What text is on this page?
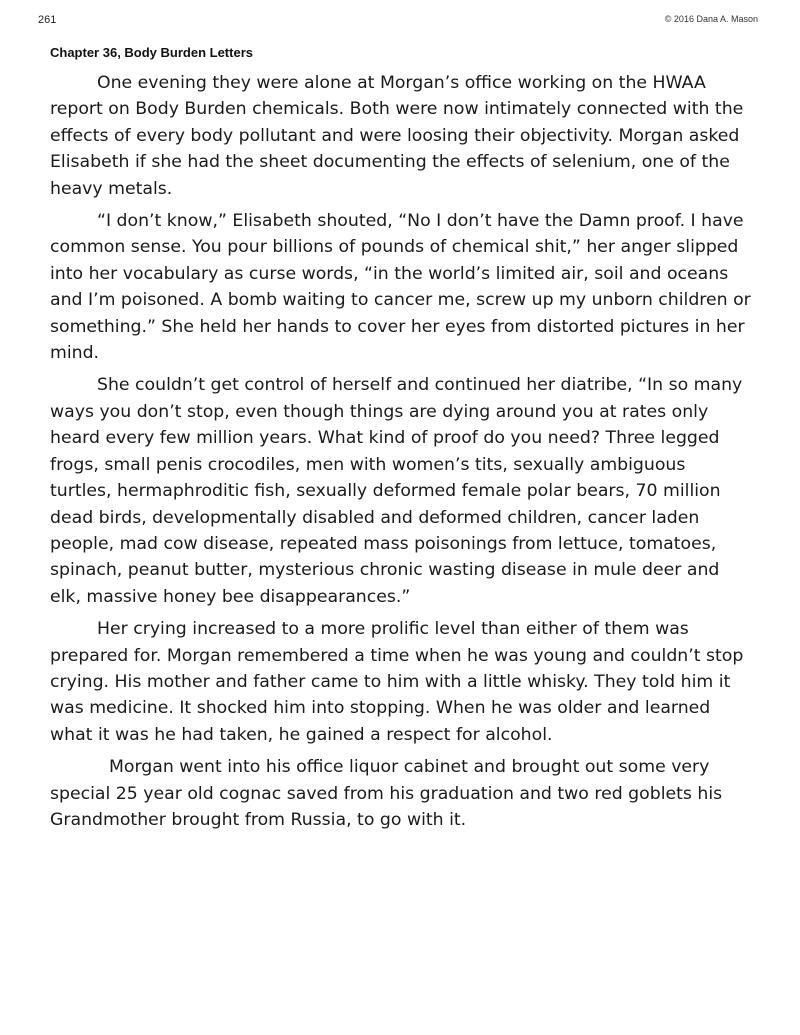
261	© 2016 Dana A. Mason
Chapter 36, Body Burden Letters

One evening they were alone at Morgan’s office working on the HWAA report on Body Burden chemicals. Both were now intimately connected with the effects of every body pollutant and were loosing their objectivity. Morgan asked Elisabeth if she had the sheet documenting the effects of selenium, one of the heavy metals.

“I don’t know,” Elisabeth shouted, “No I don’t have the Damn proof. I have common sense. You pour billions of pounds of chemical shit,” her anger slipped into her vocabulary as curse words, “in the world’s limited air, soil and oceans and I’m poisoned. A bomb waiting to cancer me, screw up my unborn children or something.” She held her hands to cover her eyes from distorted pictures in her mind.

She couldn’t get control of herself and continued her diatribe, “In so many ways you don’t stop, even though things are dying around you at rates only heard every few million years. What kind of proof do you need? Three legged frogs, small penis crocodiles, men with women’s tits, sexually ambiguous turtles, hermaphroditic fish, sexually deformed female polar bears, 70 million dead birds, developmentally disabled and deformed children, cancer laden people, mad cow disease, repeated mass poisonings from lettuce, tomatoes, spinach, peanut butter, mysterious chronic wasting disease in mule deer and elk, massive honey bee disappearances.”

Her crying increased to a more prolific level than either of them was prepared for. Morgan remembered a time when he was young and couldn’t stop crying. His mother and father came to him with a little whisky. They told him it was medicine. It shocked him into stopping. When he was older and learned what it was he had taken, he gained a respect for alcohol.

Morgan went into his office liquor cabinet and brought out some very special 25 year old cognac saved from his graduation and two red goblets his Grandmother brought from Russia, to go with it.
